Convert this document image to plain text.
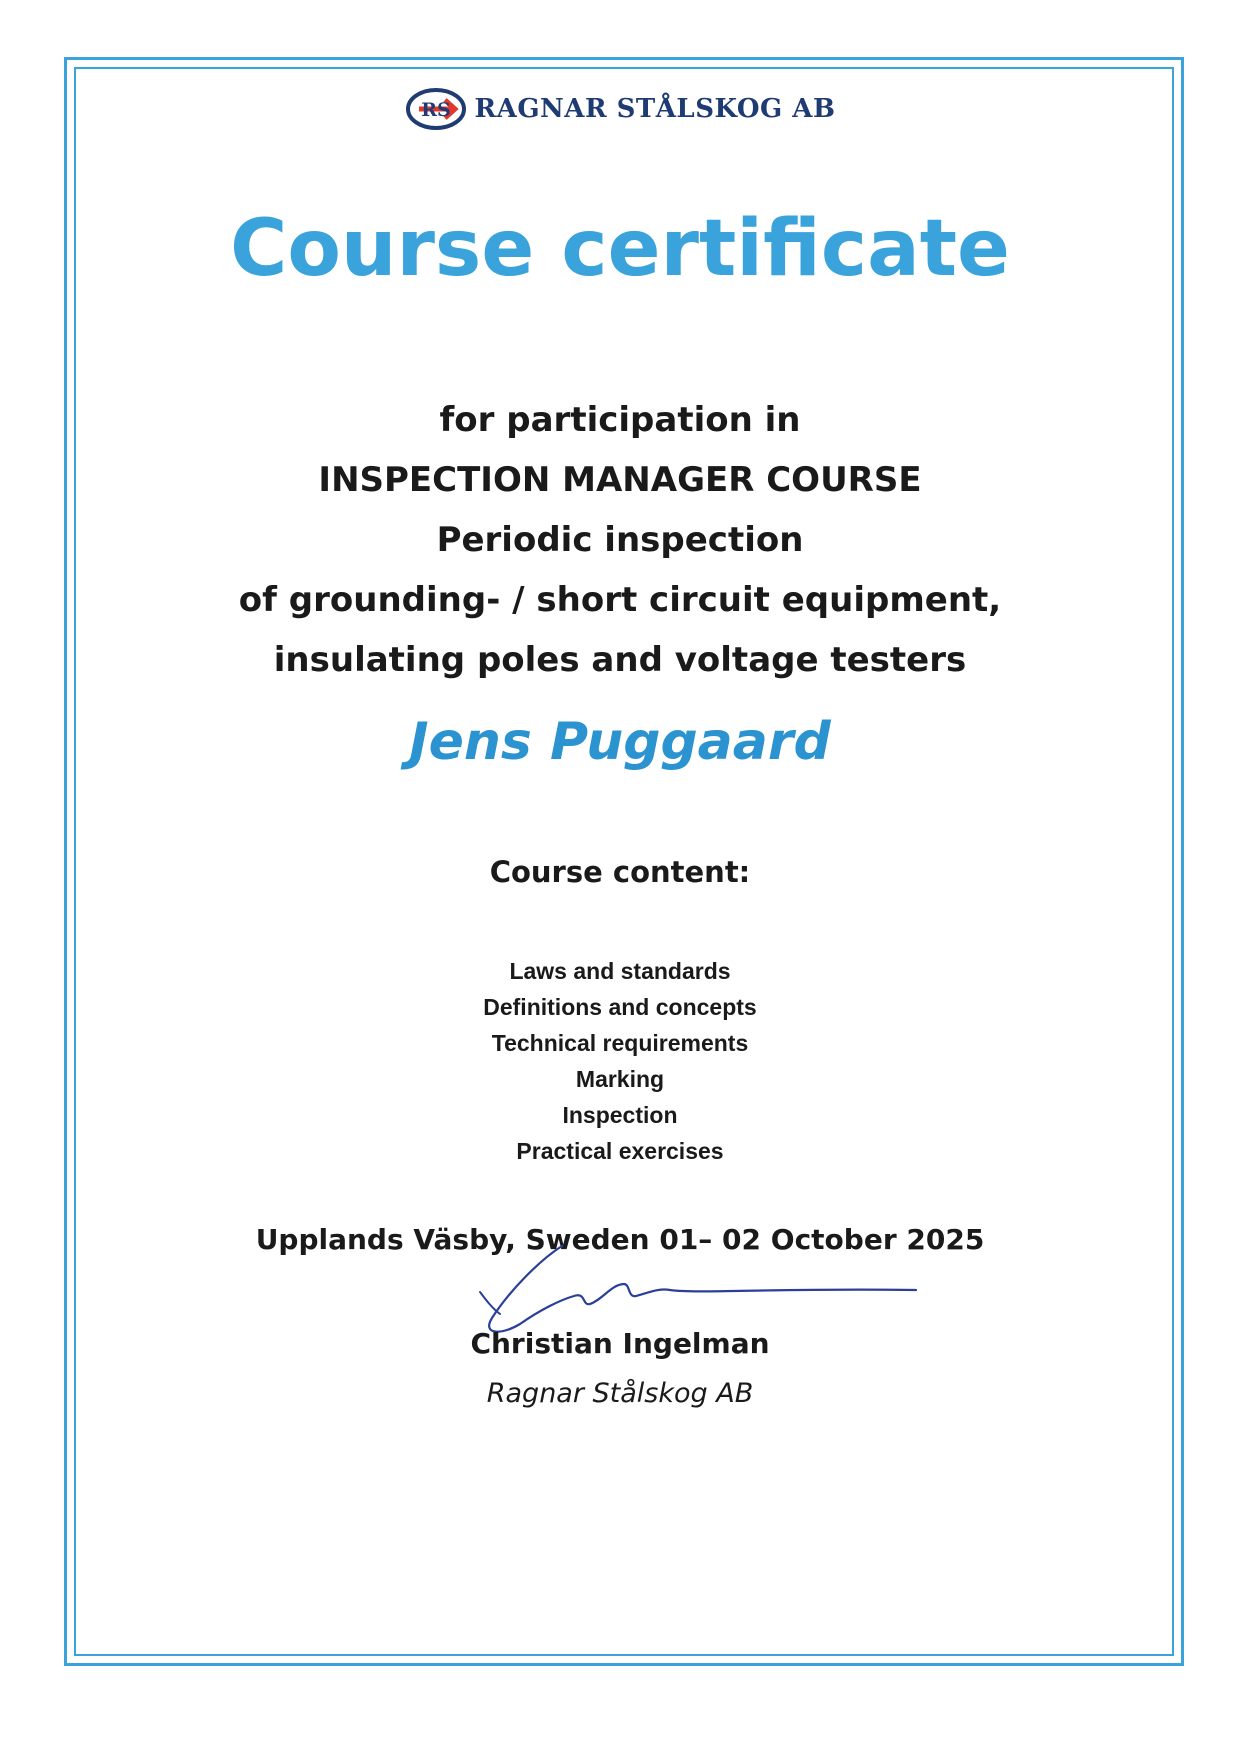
RS RAGNAR STÅLSKOG AB
Course certificate
for participation in
INSPECTION MANAGER COURSE
Periodic inspection
of grounding- / short circuit equipment,
insulating poles and voltage testers
Jens Puggaard
Course content:
Laws and standards
Definitions and concepts
Technical requirements
Marking
Inspection
Practical exercises
Upplands Väsby, Sweden 01– 02 October 2025
Christian Ingelman
Ragnar Stålskog AB
